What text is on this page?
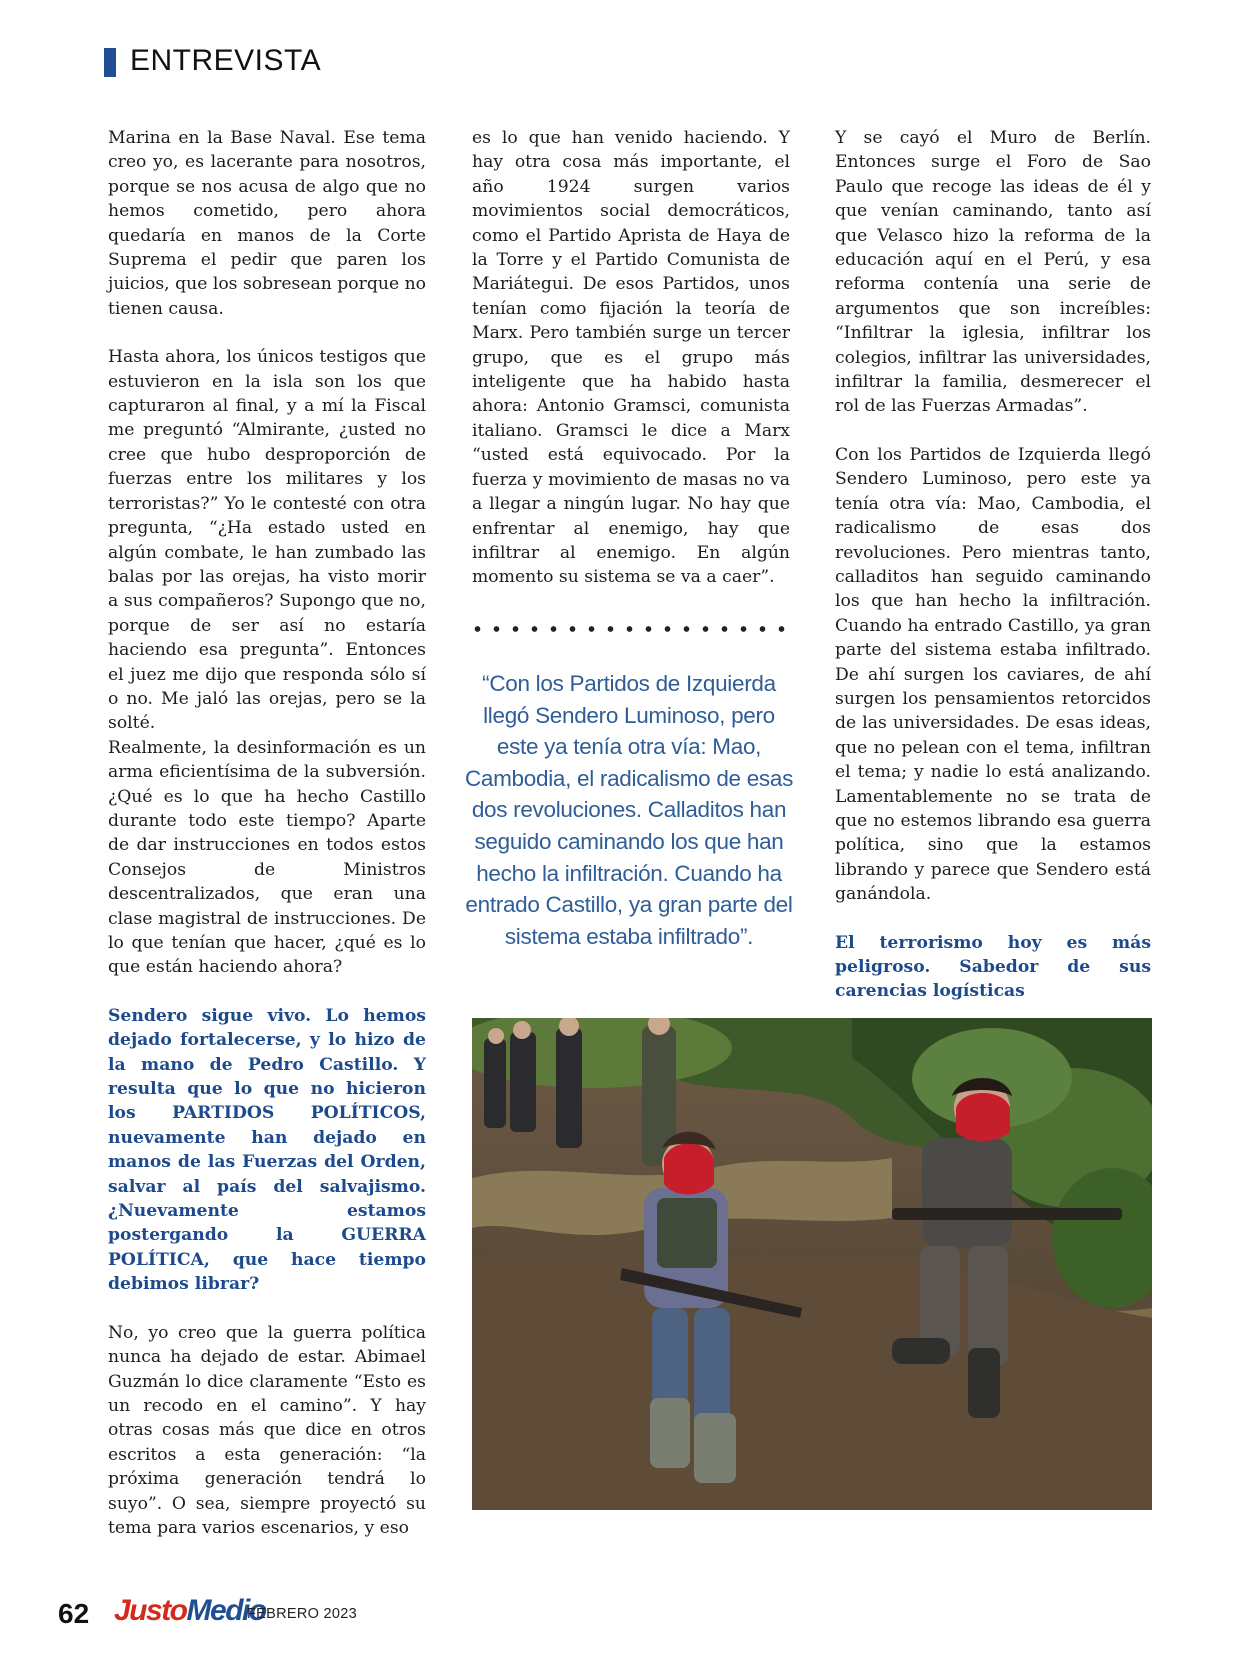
ENTREVISTA

Marina en la Base Naval. Ese tema creo yo, es lacerante para nosotros, porque se nos acusa de algo que no hemos cometido, pero ahora quedaría en manos de la Corte Suprema el pedir que paren los juicios, que los sobresean porque no tienen causa.

Hasta ahora, los únicos testigos que estuvieron en la isla son los que capturaron al final, y a mí la Fiscal me preguntó “Almirante, ¿usted no cree que hubo desproporción de fuerzas entre los militares y los terroristas?” Yo le contesté con otra pregunta, “¿Ha estado usted en algún combate, le han zumbado las balas por las orejas, ha visto morir a sus compañeros? Supongo que no, porque de ser así no estaría haciendo esa pregunta”. Entonces el juez me dijo que responda sólo sí o no. Me jaló las orejas, pero se la solté.

Realmente, la desinformación es un arma eficientísima de la subversión. ¿Qué es lo que ha hecho Castillo durante todo este tiempo? Aparte de dar instrucciones en todos estos Consejos de Ministros descentralizados, que eran una clase magistral de instrucciones. De lo que tenían que hacer, ¿qué es lo que están haciendo ahora?

Sendero sigue vivo. Lo hemos dejado fortalecerse, y lo hizo de la mano de Pedro Castillo. Y resulta que lo que no hicieron los PARTIDOS POLÍTICOS, nuevamente han dejado en manos de las Fuerzas del Orden, salvar al país del salvajismo. ¿Nuevamente estamos postergando la GUERRA POLÍTICA, que hace tiempo debimos librar?

No, yo creo que la guerra política nunca ha dejado de estar. Abimael Guzmán lo dice claramente “Esto es un recodo en el camino”. Y hay otras cosas más que dice en otros escritos a esta generación: “la próxima generación tendrá lo suyo”. O sea, siempre proyectó su tema para varios escenarios, y eso

es lo que han venido haciendo. Y hay otra cosa más importante, el año 1924 surgen varios movimientos social democráticos, como el Partido Aprista de Haya de la Torre y el Partido Comunista de Mariátegui. De esos Partidos, unos tenían como fijación la teoría de Marx. Pero también surge un tercer grupo, que es el grupo más inteligente que ha habido hasta ahora: Antonio Gramsci, comunista italiano. Gramsci le dice a Marx “usted está equivocado. Por la fuerza y movimiento de masas no va a llegar a ningún lugar. No hay que enfrentar al enemigo, hay que infiltrar al enemigo. En algún momento su sistema se va a caer”.

“Con los Partidos de Izquierda llegó Sendero Luminoso, pero este ya tenía otra vía: Mao, Cambodia, el radicalismo de esas dos revoluciones. Calladitos han seguido caminando los que han hecho la infiltración. Cuando ha entrado Castillo, ya gran parte del sistema estaba infiltrado”.

Y se cayó el Muro de Berlín. Entonces surge el Foro de Sao Paulo que recoge las ideas de él y que venían caminando, tanto así que Velasco hizo la reforma de la educación aquí en el Perú, y esa reforma contenía una serie de argumentos que son increíbles: “Infiltrar la iglesia, infiltrar los colegios, infiltrar las universidades, infiltrar la familia, desmerecer el rol de las Fuerzas Armadas”.

Con los Partidos de Izquierda llegó Sendero Luminoso, pero este ya tenía otra vía: Mao, Cambodia, el radicalismo de esas dos revoluciones. Pero mientras tanto, calladitos han seguido caminando los que han hecho la infiltración. Cuando ha entrado Castillo, ya gran parte del sistema estaba infiltrado. De ahí surgen los caviares, de ahí surgen los pensamientos retorcidos de las universidades. De esas ideas, que no pelean con el tema, infiltran el tema; y nadie lo está analizando. Lamentablemente no se trata de que no estemos librando esa guerra política, sino que la estamos librando y parece que Sendero está ganándola.

El terrorismo hoy es más peligroso. Sabedor de sus carencias logísticas

62 JustoMedio
FEBRERO 2023
